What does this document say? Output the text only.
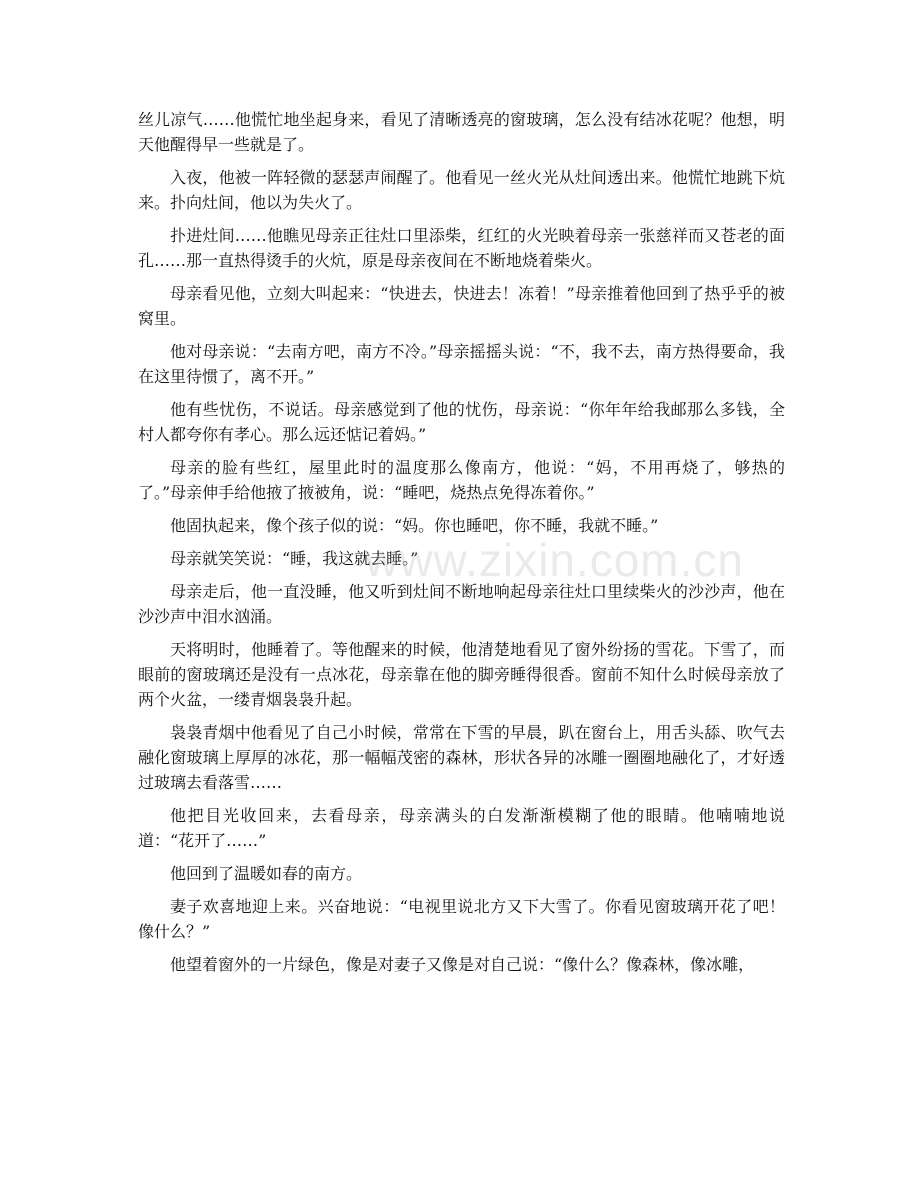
丝儿凉气……他慌忙地坐起身来，看见了清晰透亮的窗玻璃，怎么没有结冰花呢？他想，明天他醒得早一些就是了。

入夜，他被一阵轻微的瑟瑟声闹醒了。他看见一丝火光从灶间透出来。他慌忙地跳下炕来。扑向灶间，他以为失火了。

扑进灶间……他瞧见母亲正往灶口里添柴，红红的火光映着母亲一张慈祥而又苍老的面孔……那一直热得烫手的火炕，原是母亲夜间在不断地烧着柴火。

母亲看见他，立刻大叫起来：“快进去，快进去！冻着！”母亲推着他回到了热乎乎的被窝里。

他对母亲说：“去南方吧，南方不冷。”母亲摇摇头说：“不，我不去，南方热得要命，我在这里待惯了，离不开。”

他有些忧伤，不说话。母亲感觉到了他的忧伤，母亲说：“你年年给我邮那么多钱，全村人都夸你有孝心。那么远还惦记着妈。”

母亲的脸有些红，屋里此时的温度那么像南方，他说：“妈，不用再烧了，够热的了。”母亲伸手给他掖了掖被角，说：“睡吧，烧热点免得冻着你。”

他固执起来，像个孩子似的说：“妈。你也睡吧，你不睡，我就不睡。”

母亲就笑笑说：“睡，我这就去睡。”

母亲走后，他一直没睡，他又听到灶间不断地响起母亲往灶口里续柴火的沙沙声，他在沙沙声中泪水汹涌。

天将明时，他睡着了。等他醒来的时候，他清楚地看见了窗外纷扬的雪花。下雪了，而眼前的窗玻璃还是没有一点冰花，母亲靠在他的脚旁睡得很香。窗前不知什么时候母亲放了两个火盆，一缕青烟袅袅升起。

袅袅青烟中他看见了自己小时候，常常在下雪的早晨，趴在窗台上，用舌头舔、吹气去融化窗玻璃上厚厚的冰花，那一幅幅茂密的森林，形状各异的冰雕一圈圈地融化了，才好透过玻璃去看落雪……

他把目光收回来，去看母亲，母亲满头的白发渐渐模糊了他的眼睛。他喃喃地说道：“花开了……”

他回到了温暖如春的南方。

妻子欢喜地迎上来。兴奋地说：“电视里说北方又下大雪了。你看见窗玻璃开花了吧！像什么？”

他望着窗外的一片绿色，像是对妻子又像是对自己说：“像什么？像森林，像冰雕，

www.zixin.com.cn
